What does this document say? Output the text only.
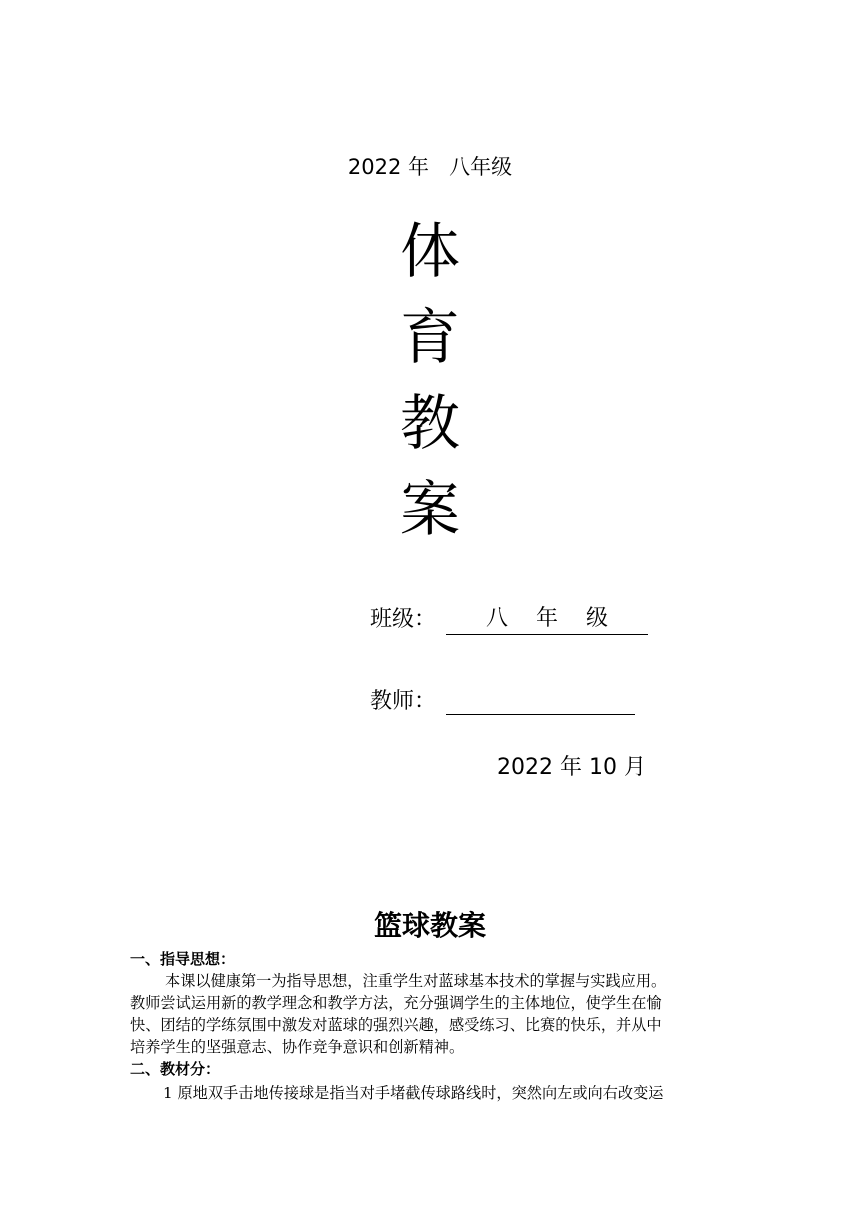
2022 年   八年级
体
育
教
案
班级：	八    年    级
教师：
2022 年 10 月
篮球教案
一、指导思想：
本课以健康第一为指导思想，注重学生对蓝球基本技术的掌握与实践应用。
教师尝试运用新的教学理念和教学方法，充分强调学生的主体地位，使学生在愉
快、团结的学练氛围中激发对蓝球的强烈兴趣，感受练习、比赛的快乐，并从中
培养学生的坚强意志、协作竞争意识和创新精神。
二、教材分：
1 原地双手击地传接球是指当对手堵截传球路线时，突然向左或向右改变运
